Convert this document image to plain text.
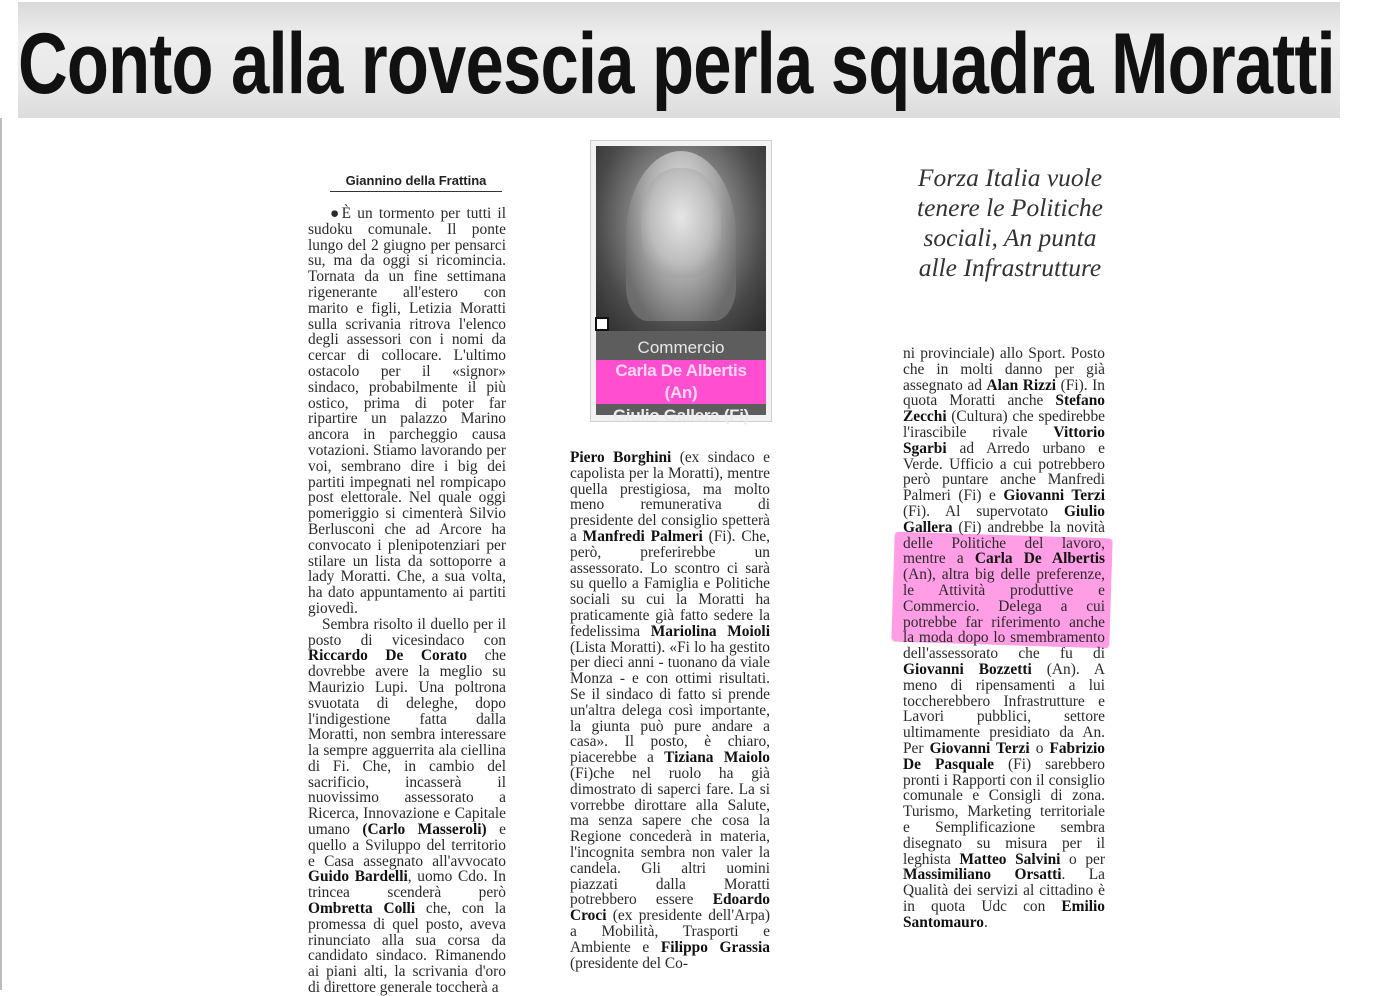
Conto alla rovescia perla squadra Moratti
Giannino della Frattina

●È un tormento per tutti il sudoku comunale. Il ponte lungo del 2 giugno per pensarci su, ma da oggi si ricomincia. Tornata da un fine settimana rigenerante all'estero con marito e figli, Letizia Moratti sulla scrivania ritrova l'elenco degli assessori con i nomi da cercar di collocare. L'ultimo ostacolo per il «signor» sindaco, probabilmente il più ostico, prima di poter far ripartire un palazzo Marino ancora in parcheggio causa votazioni. Stiamo lavorando per voi, sembrano dire i big dei partiti impegnati nel rompicapo post elettorale. Nel quale oggi pomeriggio si cimenterà Silvio Berlusconi che ad Arcore ha convocato i plenipotenziari per stilare un lista da sottoporre a lady Moratti. Che, a sua volta, ha dato appuntamento ai partiti giovedì.

Sembra risolto il duello per il posto di vicesindaco con Riccardo De Corato che dovrebbe avere la meglio su Maurizio Lupi. Una poltrona svuotata di deleghe, dopo l'indigestione fatta dalla Moratti, non sembra interessare la sempre agguerrita ala ciellina di Fi. Che, in cambio del sacrificio, incasserà il nuovissimo assessorato a Ricerca, Innovazione e Capitale umano (Carlo Masseroli) e quello a Sviluppo del territorio e Casa assegnato all'avvocato Guido Bardelli, uomo Cdo. In trincea scenderà però Ombretta Colli che, con la promessa di quel posto, aveva rinunciato alla sua corsa da candidato sindaco. Rimanendo ai piani alti, la scrivania d'oro di direttore generale toccherà a

Commercio
Carla De Albertis (An)
Giulio Gallera (Fi)

Piero Borghini (ex sindaco e capolista per la Moratti), mentre quella prestigiosa, ma molto meno remunerativa di presidente del consiglio spetterà a Manfredi Palmeri (Fi). Che, però, preferirebbe un assessorato. Lo scontro ci sarà su quello a Famiglia e Politiche sociali su cui la Moratti ha praticamente già fatto sedere la fedelissima Mariolina Moioli (Lista Moratti). «Fi lo ha gestito per dieci anni - tuonano da viale Monza - e con ottimi risultati. Se il sindaco di fatto si prende un'altra delega così importante, la giunta può pure andare a casa». Il posto, è chiaro, piacerebbe a Tiziana Maiolo (Fi)che nel ruolo ha già dimostrato di saperci fare. La si vorrebbe dirottare alla Salute, ma senza sapere che cosa la Regione concederà in materia, l'incognita sembra non valer la candela. Gli altri uomini piazzati dalla Moratti potrebbero essere Edoardo Croci (ex presidente dell'Arpa) a Mobilità, Trasporti e Ambiente e Filippo Grassia (presidente del Co-

Forza Italia vuole tenere le Politiche sociali, An punta alle Infrastrutture

ni provinciale) allo Sport. Posto che in molti danno per già assegnato ad Alan Rizzi (Fi). In quota Moratti anche Stefano Zecchi (Cultura) che spedirebbe l'irascibile rivale Vittorio Sgarbi ad Arredo urbano e Verde. Ufficio a cui potrebbero però puntare anche Manfredi Palmeri (Fi) e Giovanni Terzi (Fi). Al supervotato Giulio Gallera (Fi) andrebbe la novità delle Politiche del lavoro, mentre a Carla De Albertis (An), altra big delle preferenze, le Attività produttive e Commercio. Delega a cui potrebbe far riferimento anche la moda dopo lo smembramento dell'assessorato che fu di Giovanni Bozzetti (An). A meno di ripensamenti a lui toccherebbero Infrastrutture e Lavori pubblici, settore ultimamente presidiato da An. Per Giovanni Terzi o Fabrizio De Pasquale (Fi) sarebbero pronti i Rapporti con il consiglio comunale e Consigli di zona. Turismo, Marketing territoriale e Semplificazione sembra disegnato su misura per il leghista Matteo Salvini o per Massimiliano Orsatti. La Qualità dei servizi al cittadino è in quota Udc con Emilio Santomauro.
